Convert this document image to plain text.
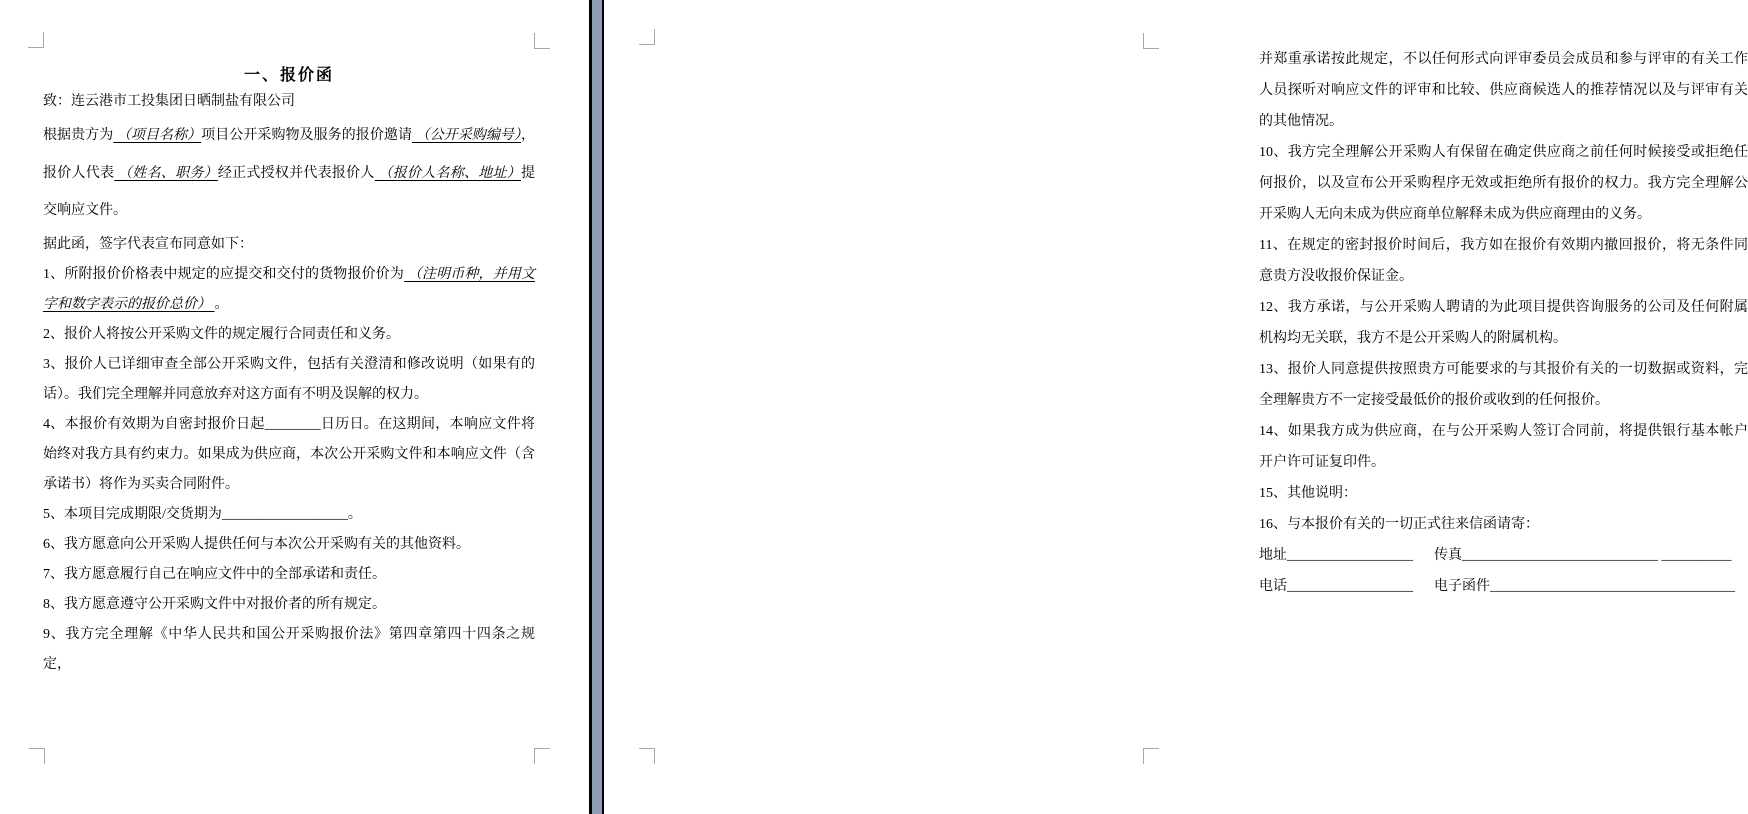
一、报价函

致：连云港市工投集团日晒制盐有限公司

根据贵方为 （项目名称）项目公开采购物及服务的报价邀请 （公开采购编号），报价人代表 （姓名、职务）经正式授权并代表报价人 （报价人名称、地址）提交响应文件。

据此函，签字代表宣布同意如下：

1、所附报价价格表中规定的应提交和交付的货物报价价为 （注明币种，并用文字和数字表示的报价总价） 。

2、报价人将按公开采购文件的规定履行合同责任和义务。

3、报价人已详细审查全部公开采购文件，包括有关澄清和修改说明（如果有的话）。我们完全理解并同意放弃对这方面有不明及误解的权力。

4、本报价有效期为自密封报价日起________日历日。在这期间，本响应文件将始终对我方具有约束力。如果成为供应商，本次公开采购文件和本响应文件（含承诺书）将作为买卖合同附件。

5、本项目完成期限/交货期为__________________。

6、我方愿意向公开采购人提供任何与本次公开采购有关的其他资料。

7、我方愿意履行自己在响应文件中的全部承诺和责任。

8、我方愿意遵守公开采购文件中对报价者的所有规定。

9、我方完全理解《中华人民共和国公开采购报价法》第四章第四十四条之规定，

并郑重承诺按此规定，不以任何形式向评审委员会成员和参与评审的有关工作人员探听对响应文件的评审和比较、供应商候选人的推荐情况以及与评审有关的其他情况。

10、我方完全理解公开采购人有保留在确定供应商之前任何时候接受或拒绝任何报价，以及宣布公开采购程序无效或拒绝所有报价的权力。我方完全理解公开采购人无向未成为供应商单位解释未成为供应商理由的义务。

11、在规定的密封报价时间后，我方如在报价有效期内撤回报价，将无条件同意贵方没收报价保证金。

12、我方承诺，与公开采购人聘请的为此项目提供咨询服务的公司及任何附属机构均无关联，我方不是公开采购人的附属机构。

13、报价人同意提供按照贵方可能要求的与其报价有关的一切数据或资料，完全理解贵方不一定接受最低价的报价或收到的任何报价。

14、如果我方成为供应商，在与公开采购人签订合同前，将提供银行基本帐户开户许可证复印件。

15、其他说明：

16、与本报价有关的一切正式往来信函请寄：

地址__________________ 传真____________________________ __________

电话__________________ 电子函件___________________________________
